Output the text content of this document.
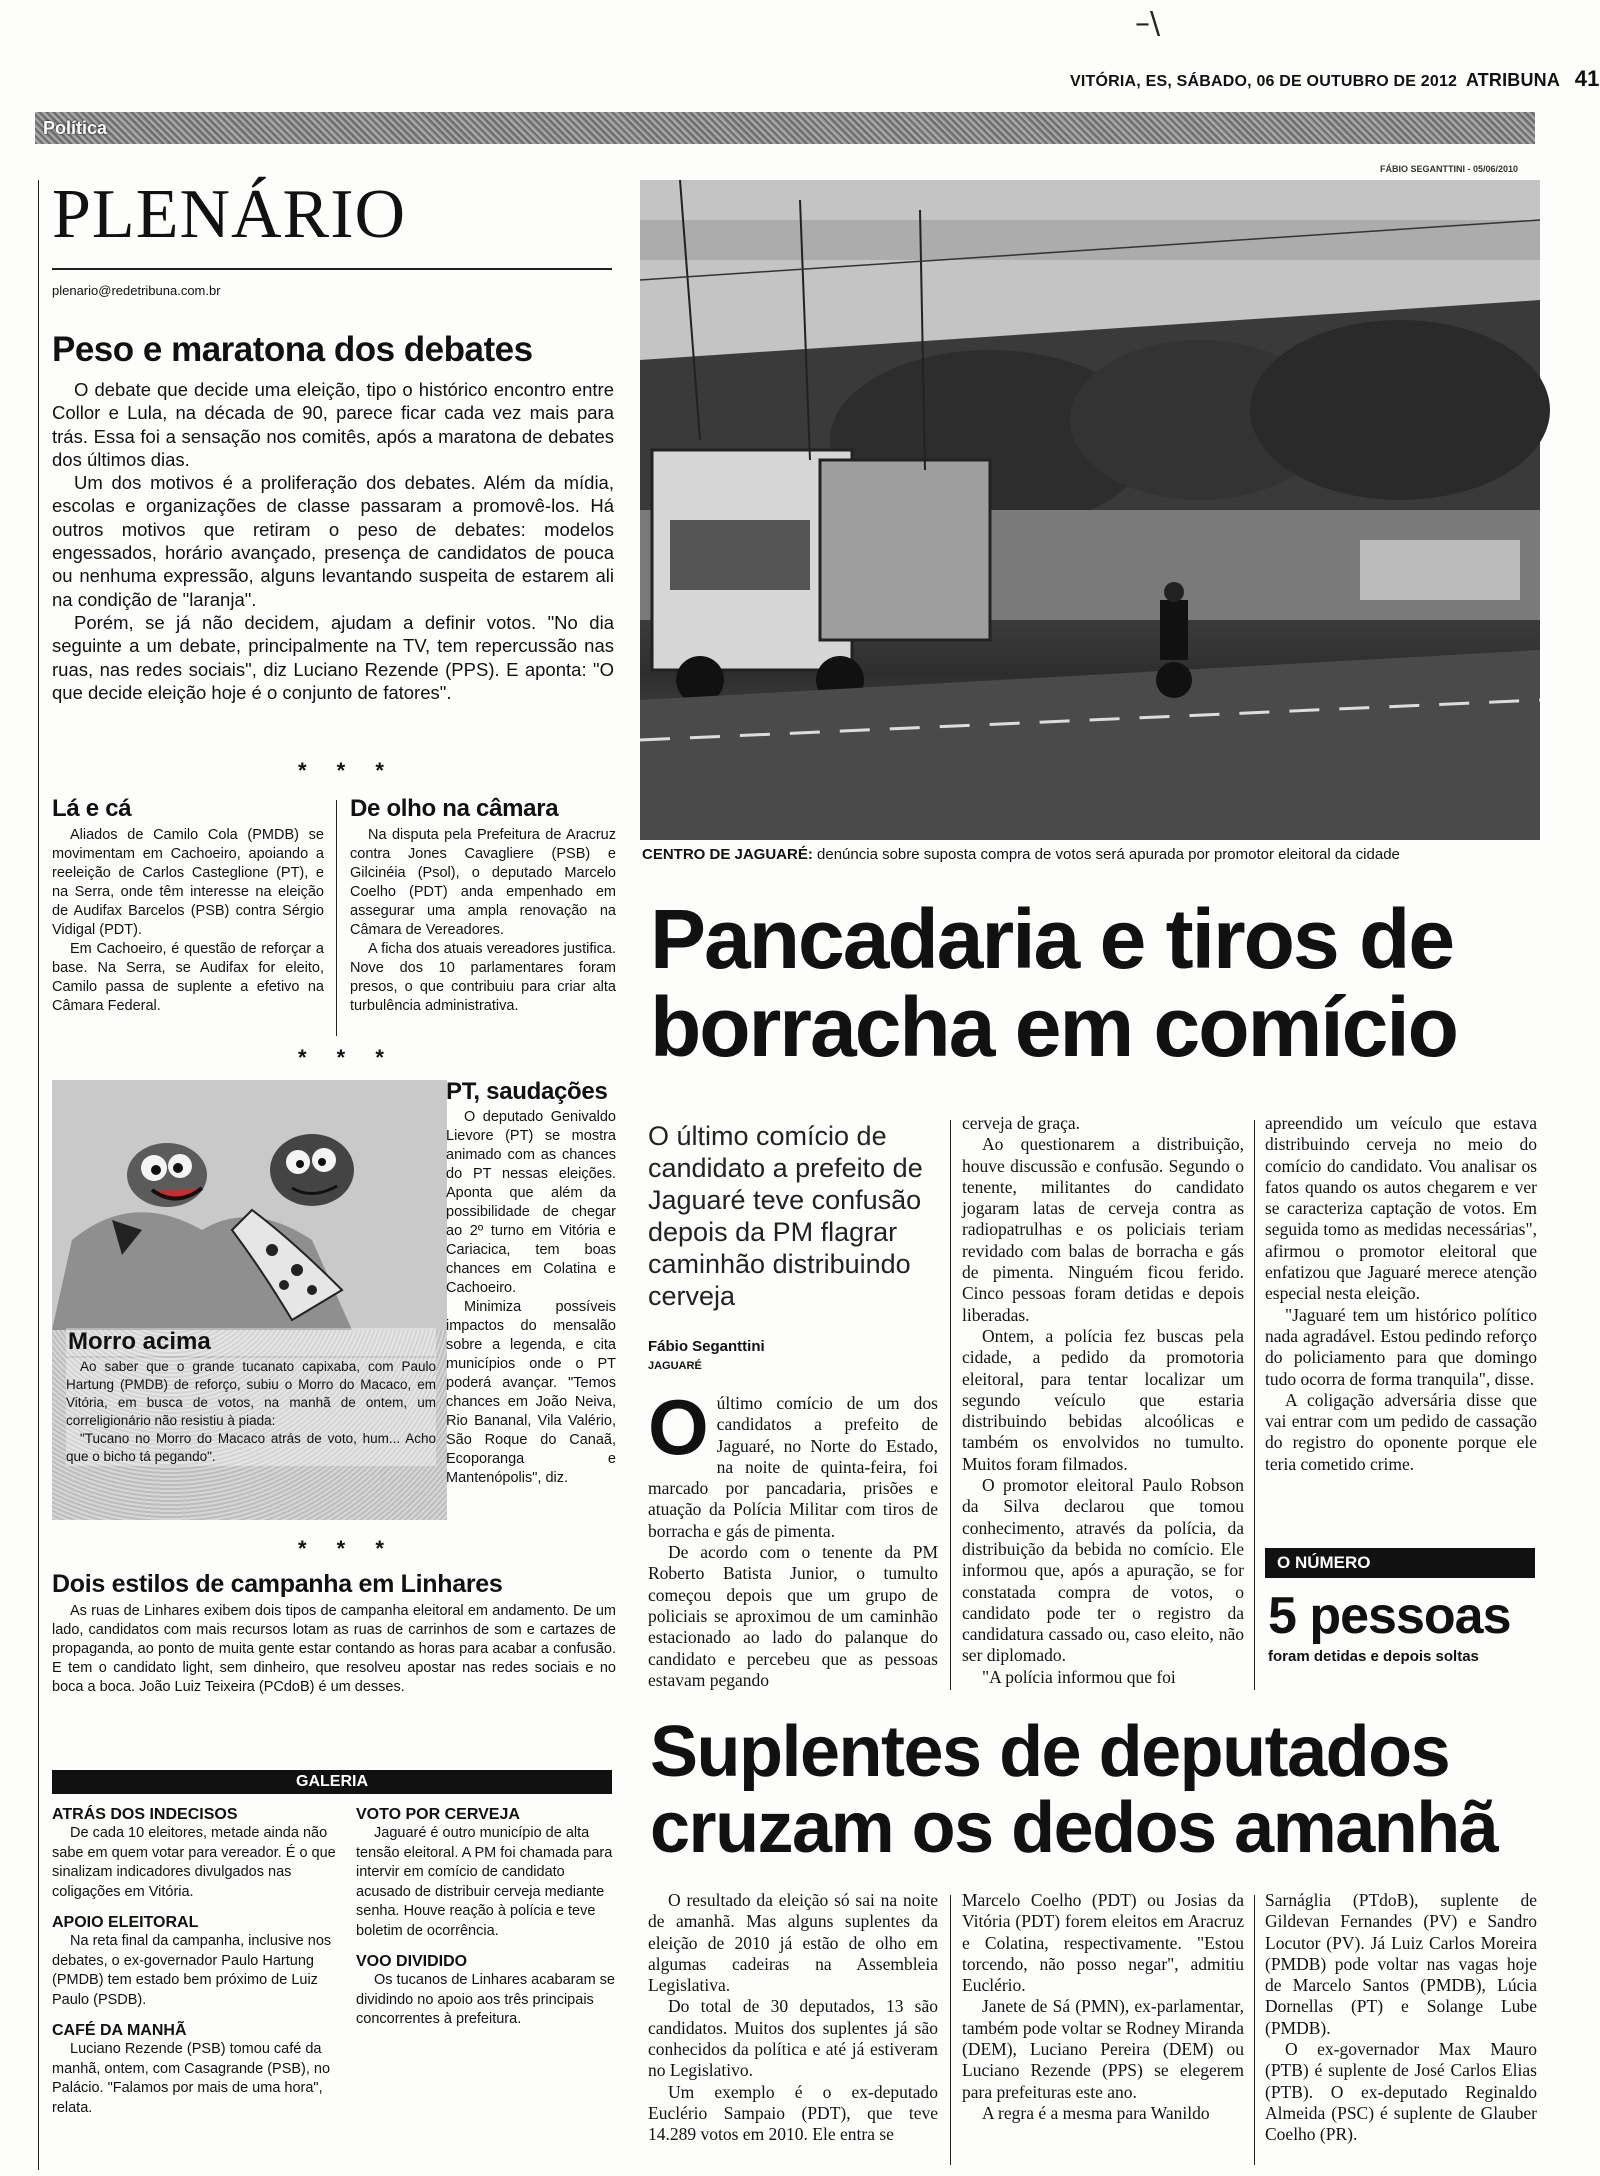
–\
VITÓRIA, ES, SÁBADO, 06 DE OUTUBRO DE 2012 ATRIBUNA 41
Política
PLENÁRIO
plenario@redetribuna.com.br
Peso e maratona dos debates

O debate que decide uma eleição, tipo o histórico encontro entre Collor e Lula, na década de 90, parece ficar cada vez mais para trás. Essa foi a sensação nos comitês, após a maratona de debates dos últimos dias.

Um dos motivos é a proliferação dos debates. Além da mídia, escolas e organizações de classe passaram a promovê-los. Há outros motivos que retiram o peso de debates: modelos engessados, horário avançado, presença de candidatos de pouca ou nenhuma expressão, alguns levantando suspeita de estarem ali na condição de "laranja".

Porém, se já não decidem, ajudam a definir votos. "No dia seguinte a um debate, principalmente na TV, tem repercussão nas ruas, nas redes sociais", diz Luciano Rezende (PPS). E aponta: "O que decide eleição hoje é o conjunto de fatores".

* * *
Lá e cá

Aliados de Camilo Cola (PMDB) se movimentam em Cachoeiro, apoiando a reeleição de Carlos Casteglione (PT), e na Serra, onde têm interesse na eleição de Audifax Barcelos (PSB) contra Sérgio Vidigal (PDT).

Em Cachoeiro, é questão de reforçar a base. Na Serra, se Audifax for eleito, Camilo passa de suplente a efetivo na Câmara Federal.

De olho na câmara

Na disputa pela Prefeitura de Aracruz contra Jones Cavagliere (PSB) e Gilcinéia (Psol), o deputado Marcelo Coelho (PDT) anda empenhado em assegurar uma ampla renovação na Câmara de Vereadores.

A ficha dos atuais vereadores justifica. Nove dos 10 parlamentares foram presos, o que contribuiu para criar alta turbulência administrativa.

* * *
Morro acima

Ao saber que o grande tucanato capixaba, com Paulo Hartung (PMDB) de reforço, subiu o Morro do Macaco, em Vitória, em busca de votos, na manhã de ontem, um correligionário não resistiu à piada:

"Tucano no Morro do Macaco atrás de voto, hum... Acho que o bicho tá pegando".

PT, saudações

O deputado Genivaldo Lievore (PT) se mostra animado com as chances do PT nessas eleições. Aponta que além da possibilidade de chegar ao 2º turno em Vitória e Cariacica, tem boas chances em Colatina e Cachoeiro.

Minimiza possíveis impactos do mensalão sobre a legenda, e cita municípios onde o PT poderá avançar. "Temos chances em João Neiva, Rio Bananal, Vila Valério, São Roque do Canaã, Ecoporanga e Mantenópolis", diz.

* * *
Dois estilos de campanha em Linhares

As ruas de Linhares exibem dois tipos de campanha eleitoral em andamento. De um lado, candidatos com mais recursos lotam as ruas de carrinhos de som e cartazes de propaganda, ao ponto de muita gente estar contando as horas para acabar a confusão. E tem o candidato light, sem dinheiro, que resolveu apostar nas redes sociais e no boca a boca. João Luiz Teixeira (PCdoB) é um desses.

GALERIA
ATRÁS DOS INDECISOS

De cada 10 eleitores, metade ainda não sabe em quem votar para vereador. É o que sinalizam indicadores divulgados nas coligações em Vitória.

APOIO ELEITORAL

Na reta final da campanha, inclusive nos debates, o ex-governador Paulo Hartung (PMDB) tem estado bem próximo de Luiz Paulo (PSDB).

CAFÉ DA MANHÃ

Luciano Rezende (PSB) tomou café da manhã, ontem, com Casagrande (PSB), no Palácio. "Falamos por mais de uma hora", relata.

VOTO POR CERVEJA

Jaguaré é outro município de alta tensão eleitoral. A PM foi chamada para intervir em comício de candidato acusado de distribuir cerveja mediante senha. Houve reação à polícia e teve boletim de ocorrência.

VOO DIVIDIDO

Os tucanos de Linhares acabaram se dividindo no apoio aos três principais concorrentes à prefeitura.

FÁBIO SEGANTTINI - 05/06/2010
CENTRO DE JAGUARÉ: denúncia sobre suposta compra de votos será apurada por promotor eleitoral da cidade
Pancadaria e tiros de
borracha em comício
O último comício de candidato a prefeito de Jaguaré teve confusão depois da PM flagrar caminhão distribuindo cerveja
Fábio Seganttini
JAGUARÉ
O último comício de um dos candidatos a prefeito de Jaguaré, no Norte do Estado, na noite de quinta-feira, foi marcado por pancadaria, prisões e atuação da Polícia Militar com tiros de borracha e gás de pimenta.

De acordo com o tenente da PM Roberto Batista Junior, o tumulto começou depois que um grupo de policiais se aproximou de um caminhão estacionado ao lado do palanque do candidato e percebeu que as pessoas estavam pegando

cerveja de graça.

Ao questionarem a distribuição, houve discussão e confusão. Segundo o tenente, militantes do candidato jogaram latas de cerveja contra as radiopatrulhas e os policiais teriam revidado com balas de borracha e gás de pimenta. Ninguém ficou ferido. Cinco pessoas foram detidas e depois liberadas.

Ontem, a polícia fez buscas pela cidade, a pedido da promotoria eleitoral, para tentar localizar um segundo veículo que estaria distribuindo bebidas alcoólicas e também os envolvidos no tumulto. Muitos foram filmados.

O promotor eleitoral Paulo Robson da Silva declarou que tomou conhecimento, através da polícia, da distribuição da bebida no comício. Ele informou que, após a apuração, se for constatada compra de votos, o candidato pode ter o registro da candidatura cassado ou, caso eleito, não ser diplomado.

"A polícia informou que foi

apreendido um veículo que estava distribuindo cerveja no meio do comício do candidato. Vou analisar os fatos quando os autos chegarem e ver se caracteriza captação de votos. Em seguida tomo as medidas necessárias", afirmou o promotor eleitoral que enfatizou que Jaguaré merece atenção especial nesta eleição.

"Jaguaré tem um histórico político nada agradável. Estou pedindo reforço do policiamento para que domingo tudo ocorra de forma tranquila", disse.

A coligação adversária disse que vai entrar com um pedido de cassação do registro do oponente porque ele teria cometido crime.

O NÚMERO
5 pessoas
foram detidas e depois soltas
Suplentes de deputados
cruzam os dedos amanhã

O resultado da eleição só sai na noite de amanhã. Mas alguns suplentes da eleição de 2010 já estão de olho em algumas cadeiras na Assembleia Legislativa.

Do total de 30 deputados, 13 são candidatos. Muitos dos suplentes já são conhecidos da política e até já estiveram no Legislativo.

Um exemplo é o ex-deputado Euclério Sampaio (PDT), que teve 14.289 votos em 2010. Ele entra se

Marcelo Coelho (PDT) ou Josias da Vitória (PDT) forem eleitos em Aracruz e Colatina, respectivamente. "Estou torcendo, não posso negar", admitiu Euclério.

Janete de Sá (PMN), ex-parlamentar, também pode voltar se Rodney Miranda (DEM), Luciano Pereira (DEM) ou Luciano Rezende (PPS) se elegerem para prefeituras este ano.

A regra é a mesma para Wanildo

Sarnáglia (PTdoB), suplente de Gildevan Fernandes (PV) e Sandro Locutor (PV). Já Luiz Carlos Moreira (PMDB) pode voltar nas vagas hoje de Marcelo Santos (PMDB), Lúcia Dornellas (PT) e Solange Lube (PMDB).

O ex-governador Max Mauro (PTB) é suplente de José Carlos Elias (PTB). O ex-deputado Reginaldo Almeida (PSC) é suplente de Glauber Coelho (PR).
